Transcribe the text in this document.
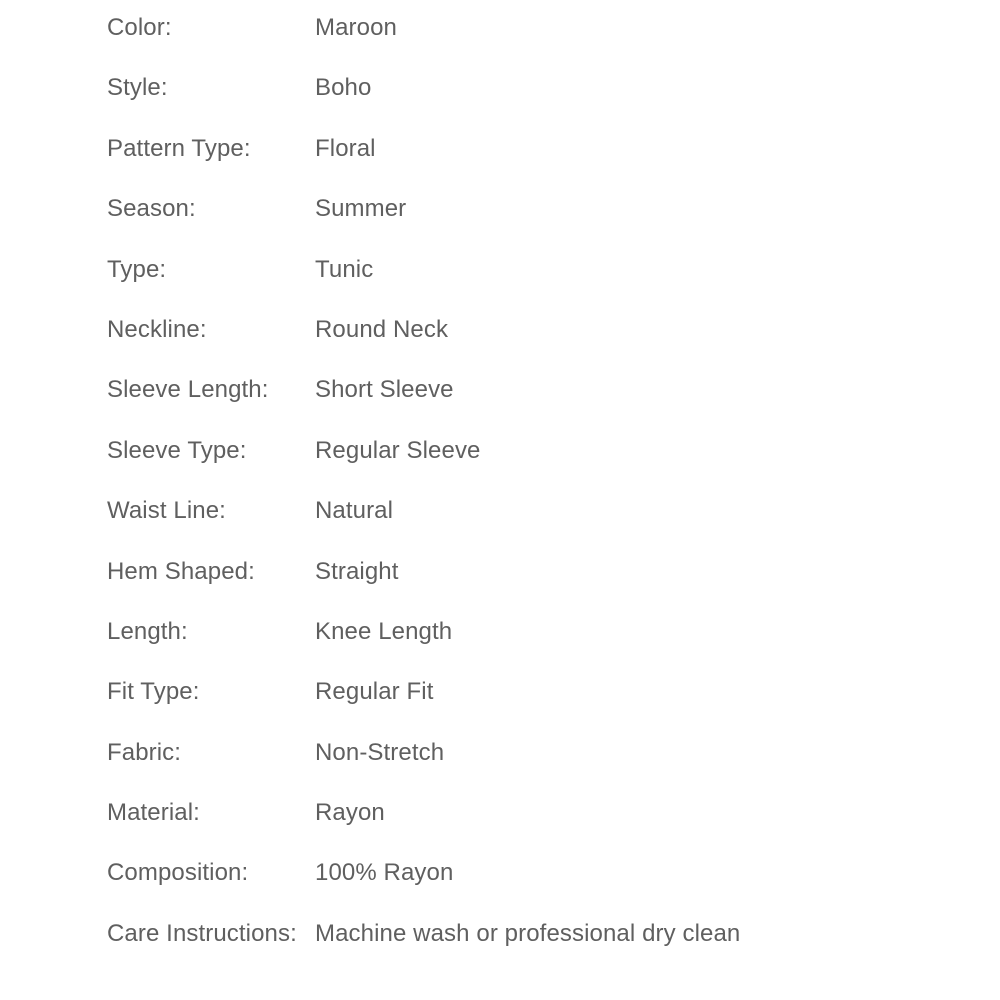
Color:	Maroon
Style:	Boho
Pattern Type:	Floral
Season:	Summer
Type:	Tunic
Neckline:	Round Neck
Sleeve Length:	Short Sleeve
Sleeve Type:	Regular Sleeve
Waist Line:	Natural
Hem Shaped:	Straight
Length:	Knee Length
Fit Type:	Regular Fit
Fabric:	Non-Stretch
Material:	Rayon
Composition:	100% Rayon
Care Instructions: Machine wash or professional dry clean
